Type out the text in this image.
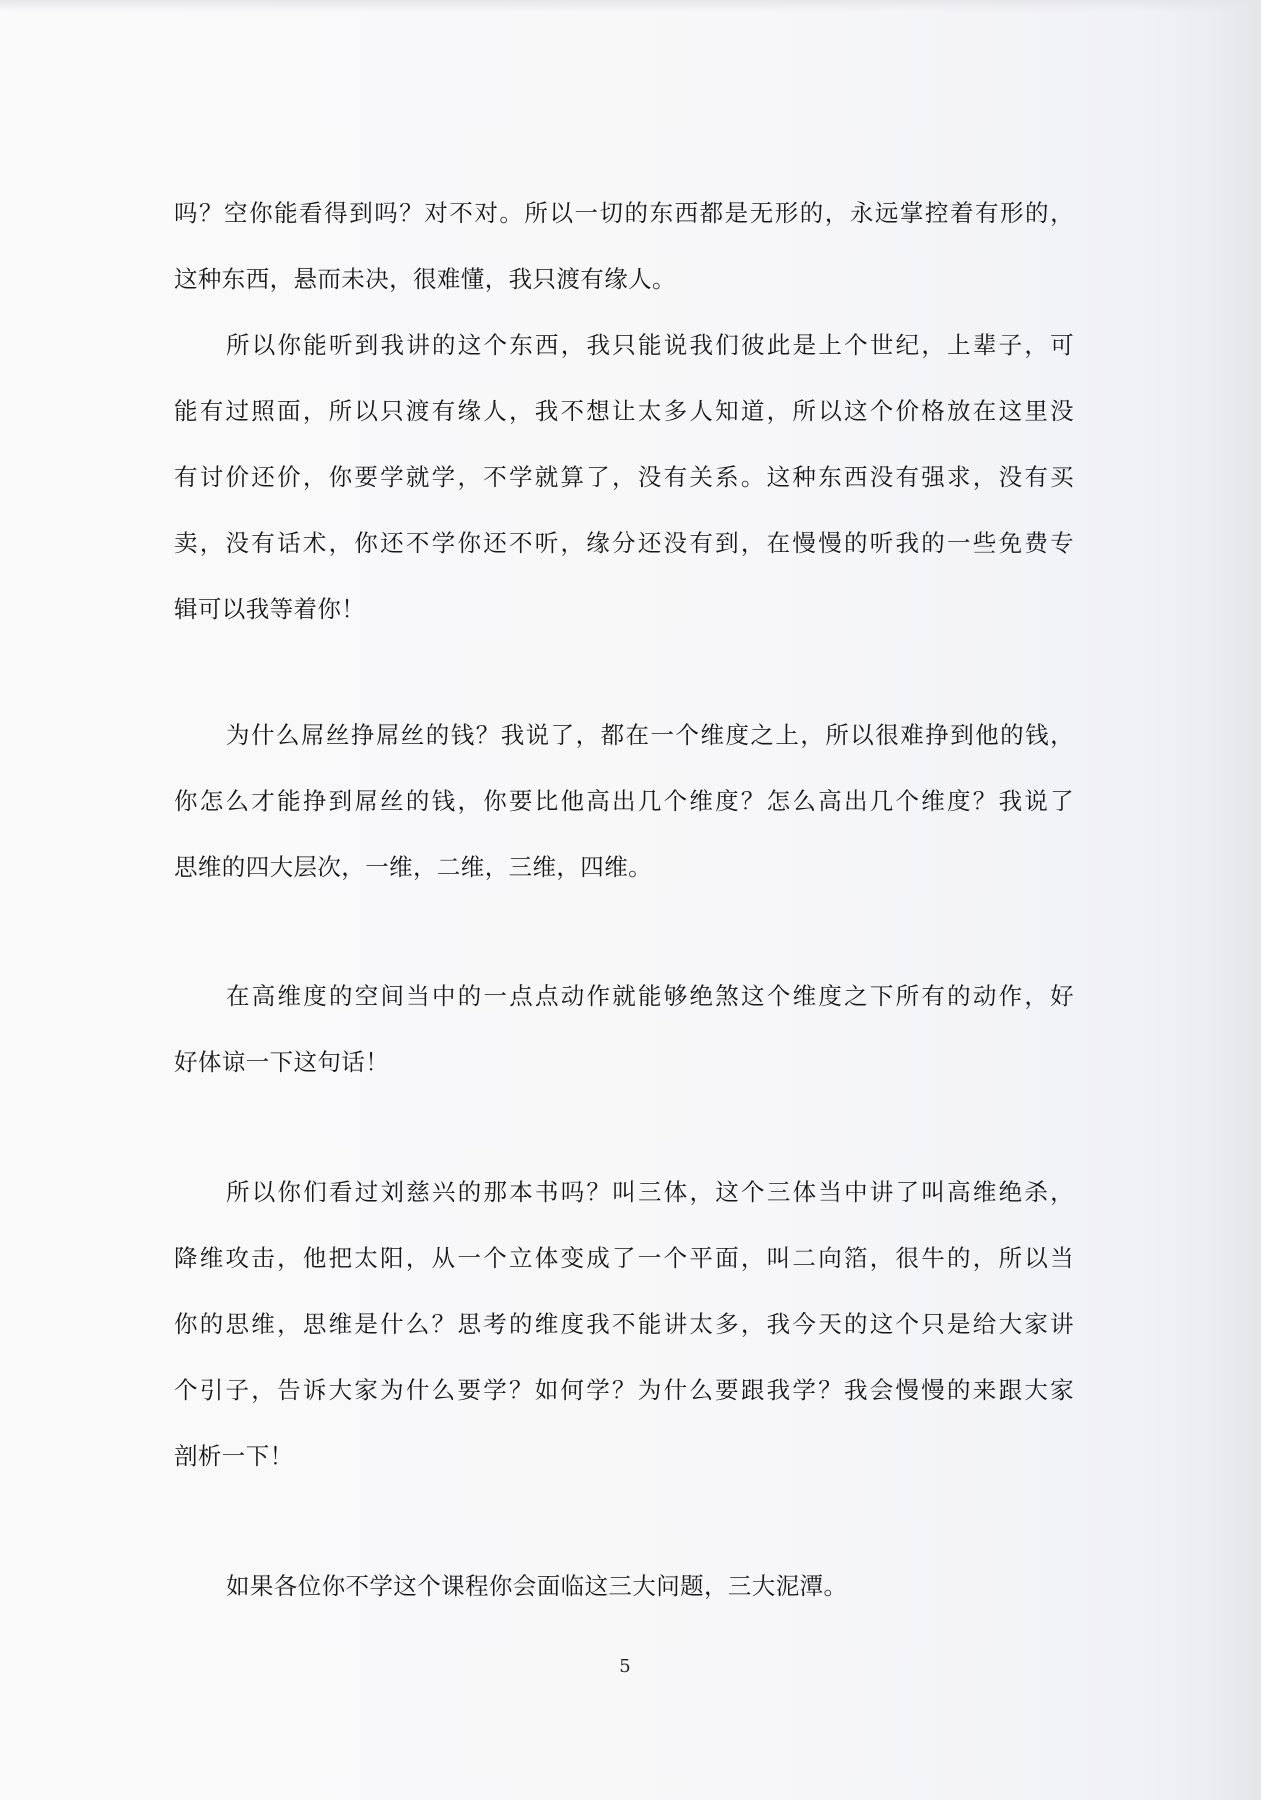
吗？空你能看得到吗？对不对。所以一切的东西都是无形的，永远掌控着有形的，
这种东西，悬而未决，很难懂，我只渡有缘人。
所以你能听到我讲的这个东西，我只能说我们彼此是上个世纪，上辈子，可
能有过照面，所以只渡有缘人，我不想让太多人知道，所以这个价格放在这里没
有讨价还价，你要学就学，不学就算了，没有关系。这种东西没有强求，没有买
卖，没有话术，你还不学你还不听，缘分还没有到，在慢慢的听我的一些免费专
辑可以我等着你！
为什么屌丝挣屌丝的钱？我说了，都在一个维度之上，所以很难挣到他的钱，
你怎么才能挣到屌丝的钱，你要比他高出几个维度？怎么高出几个维度？我说了
思维的四大层次，一维，二维，三维，四维。
在高维度的空间当中的一点点动作就能够绝煞这个维度之下所有的动作，好
好体谅一下这句话！
所以你们看过刘慈兴的那本书吗？叫三体，这个三体当中讲了叫高维绝杀，
降维攻击，他把太阳，从一个立体变成了一个平面，叫二向箔，很牛的，所以当
你的思维，思维是什么？思考的维度我不能讲太多，我今天的这个只是给大家讲
个引子，告诉大家为什么要学？如何学？为什么要跟我学？我会慢慢的来跟大家
剖析一下！
如果各位你不学这个课程你会面临这三大问题，三大泥潭。
5
